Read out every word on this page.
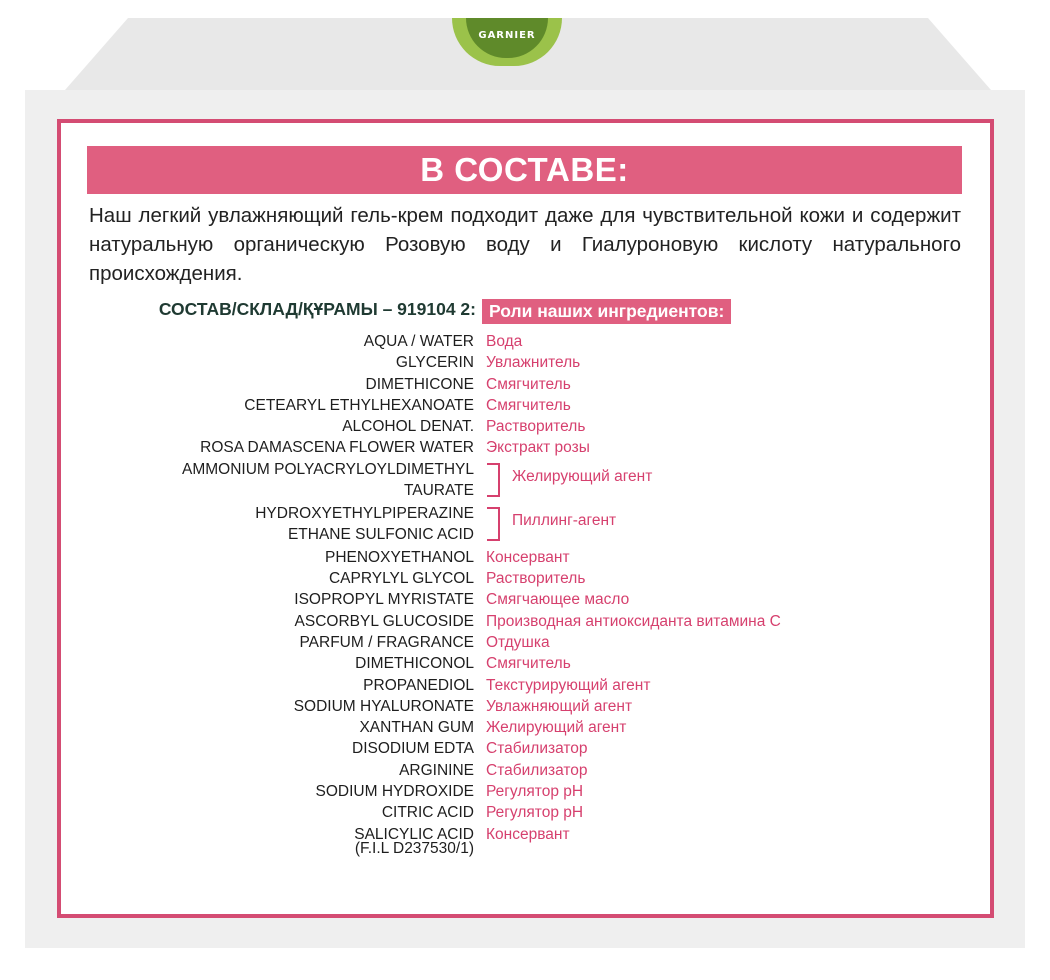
GARNIER
В СОСТАВЕ:
Наш легкий увлажняющий гель-крем подходит даже для чувствительной кожи и содержит натуральную органическую Розовую воду и Гиалуроновую кислоту натурального происхождения.
СОСТАВ/СКЛАД/ҚҰРАМЫ – 919104 2: Роли наших ингредиентов:
AQUA / WATER Вода
GLYCERIN Увлажнитель
DIMETHICONE Смягчитель
CETEARYL ETHYLHEXANOATE Смягчитель
ALCOHOL DENAT. Растворитель
ROSA DAMASCENA FLOWER WATER Экстракт розы
AMMONIUM POLYACRYLOYLDIMETHYL
TAURATE
Желирующий агент
HYDROXYETHYLPIPERAZINE
ETHANE SULFONIC ACID
Пиллинг-агент
PHENOXYETHANOL Консервант
CAPRYLYL GLYCOL Растворитель
ISOPROPYL MYRISTATE Смягчающее масло
ASCORBYL GLUCOSIDE Производная антиоксиданта витамина С
PARFUM / FRAGRANCE Отдушка
DIMETHICONOL Смягчитель
PROPANEDIOL Текстурирующий агент
SODIUM HYALURONATE Увлажняющий агент
XANTHAN GUM Желирующий агент
DISODIUM EDTA Стабилизатор
ARGININE Стабилизатор
SODIUM HYDROXIDE Регулятор pH
CITRIC ACID Регулятор pH
SALICYLIC ACID Консервант
(F.I.L D237530/1)
